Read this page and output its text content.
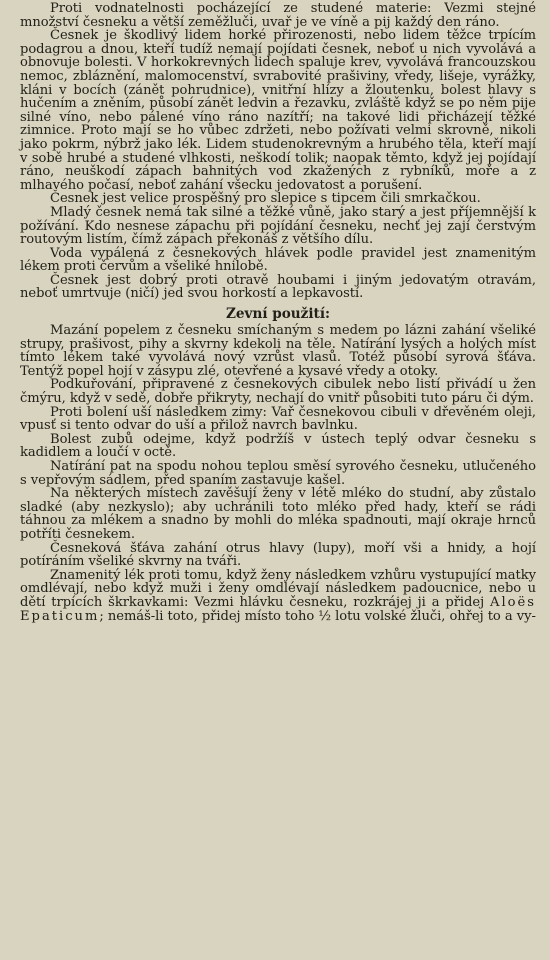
Proti vodnatelnosti pocházející ze studené materie: Vezmi stejné množství česneku a větší zeměžluči, uvař je ve víně a pij každý den ráno.

Česnek je škodlivý lidem horké přirozenosti, nebo lidem těžce trpícím podagrou a dnou, kteří tudíž nemají pojídati česnek, neboť u nich vyvolává a obnovuje bolesti. V horkokrevných lidech spaluje krev, vyvolává francouzskou nemoc, zbláznění, malomocenství, svrabovité prašiviny, vředy, lišeje, vyrážky, kláni v bocích (zánět pohrudnice), vnitřní hlízy a žloutenku, bolest hlavy s hučením a zněním, působí zánět ledvin a řezavku, zvláště když se po něm pije silné víno, nebo pálené víno ráno nazítří; na takové lidi přicházejí těžké zimnice. Proto mají se ho vůbec zdržeti, nebo požívati velmi skrovně, nikoli jako pokrm, nýbrž jako lék. Lidem studenokrevným a hrubého těla, kteří mají v sobě hrubé a studené vlhkosti, neškodí tolik; naopak těmto, když jej pojídají ráno, neuškodí zápach bahnitých vod zkažených z rybníků, moře a z mlhavého počasí, neboť zahání všecku jedovatost a porušení.

Česnek jest velice prospěšný pro slepice s tipcem čili smrkačkou.

Mladý česnek nemá tak silné a těžké vůně, jako starý a jest příjemnější k požívání. Kdo nesnese zápachu při pojídání česneku, nechť jej zají čerstvým routovým listím, čímž zápach překonáš z většího dílu.

Voda vypálená z česnekových hlávek podle pravidel jest znamenitým lékem proti červům a všeliké hnilobě.

Česnek jest dobrý proti otravě houbami i jiným jedovatým otravám, neboť umrtvuje (ničí) jed svou horkostí a lepkavostí.

Zevní použití:

Mazání popelem z česneku smíchaným s medem po lázni zahání všeliké strupy, prašivost, pihy a skvrny kdekoli na těle. Natírání lysých a holých míst tímto lékem také vyvolává nový vzrůst vlasů. Totéž působí syrová šťáva. Tentýž popel hojí v zásypu zlé, otevřené a kysavé vředy a otoky.

Podkuřování, připravené z česnekových cibulek nebo listí přivádí u žen čmýru, když v sedě, dobře přikryty, nechají do vnitř působiti tuto páru či dým.

Proti bolení uší následkem zimy: Vař česnekovou cibuli v dřevěném oleji, vpusť si tento odvar do uší a přilož navrch bavlnku.

Bolest zubů odejme, když podržíš v ústech teplý odvar česneku s kadidlem a loučí v octě.

Natírání pat na spodu nohou teplou směsí syrového česneku, utlučeného s vepřovým sádlem, před spaním zastavuje kašel.

Na některých místech zavěšují ženy v létě mléko do studní, aby zůstalo sladké (aby nezkyslo); aby uchránili toto mléko před hady, kteří se rádi táhnou za mlékem a snadno by mohli do mléka spadnouti, mají okraje hrnců potříti česnekem.

Česneková šťáva zahání otrus hlavy (lupy), moří vši a hnidy, a hojí potíráním všeliké skvrny na tváři.

Znamenitý lék proti tomu, když ženy následkem vzhůru vystupující matky omdlévají, nebo když muži i ženy omdlévají následkem padoucnice, nebo u dětí trpících škrkavkami: Vezmi hlávku česneku, rozkrájej ji a přidej Aloës Epaticum; nemáš-li toto, přidej místo toho ½ lotu volské žluči, ohřej to a vy-
